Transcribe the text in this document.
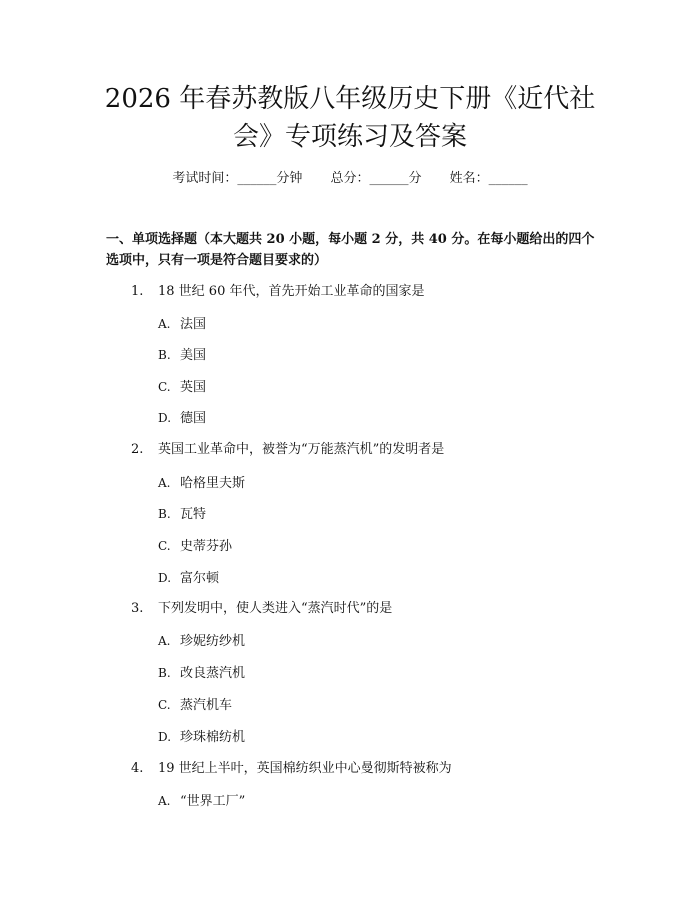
2026 年春苏教版八年级历史下册《近代社会》专项练习及答案
考试时间：______分钟 总分：______分 姓名：______
一、单项选择题（本大题共 20 小题，每小题 2 分，共 40 分。在每小题给出的四个选项中，只有一项是符合题目要求的）
1. 18 世纪 60 年代，首先开始工业革命的国家是
A. 法国
B. 美国
C. 英国
D. 德国
2. 英国工业革命中，被誉为“万能蒸汽机”的发明者是
A. 哈格里夫斯
B. 瓦特
C. 史蒂芬孙
D. 富尔顿
3. 下列发明中，使人类进入“蒸汽时代”的是
A. 珍妮纺纱机
B. 改良蒸汽机
C. 蒸汽机车
D. 珍珠棉纺机
4. 19 世纪上半叶，英国棉纺织业中心曼彻斯特被称为
A. “世界工厂”
